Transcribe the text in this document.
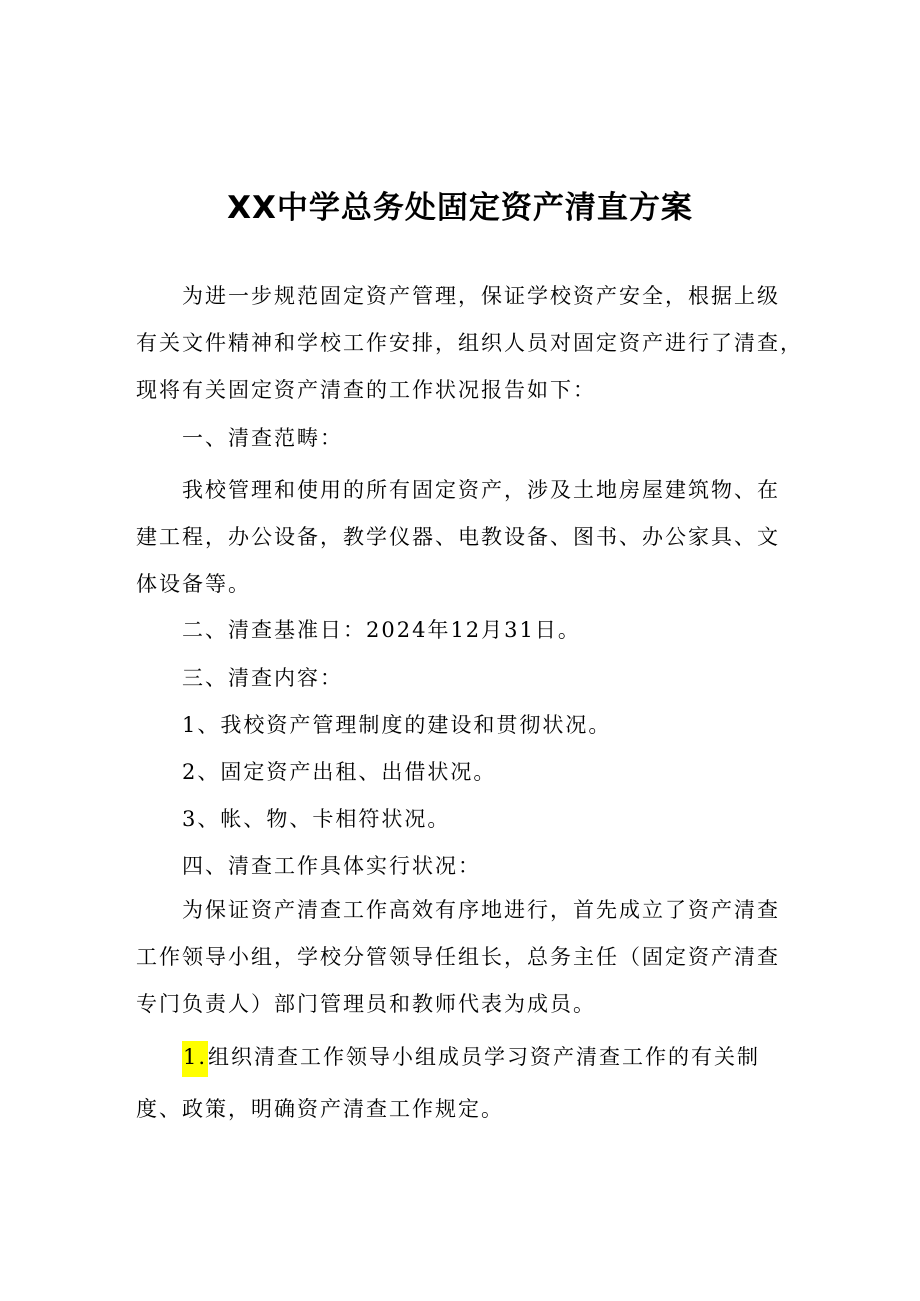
XX中学总务处固定资产清直方案

为进一步规范固定资产管理，保证学校资产安全，根据上级
有关文件精神和学校工作安排，组织人员对固定资产进行了清查，
现将有关固定资产清查的工作状况报告如下：

一、清查范畴：

我校管理和使用的所有固定资产，涉及土地房屋建筑物、在
建工程，办公设备，教学仪器、电教设备、图书、办公家具、文
体设备等。

二、清查基准日：2024年12月31日。

三、清查内容：

1、我校资产管理制度的建设和贯彻状况。

2、固定资产出租、出借状况。

3、帐、物、卡相符状况。

四、清查工作具体实行状况：

为保证资产清查工作高效有序地进行，首先成立了资产清查
工作领导小组，学校分管领导任组长，总务主任（固定资产清查
专门负责人）部门管理员和教师代表为成员。

1.组织清查工作领导小组成员学习资产清查工作的有关制

度、政策，明确资产清查工作规定。
